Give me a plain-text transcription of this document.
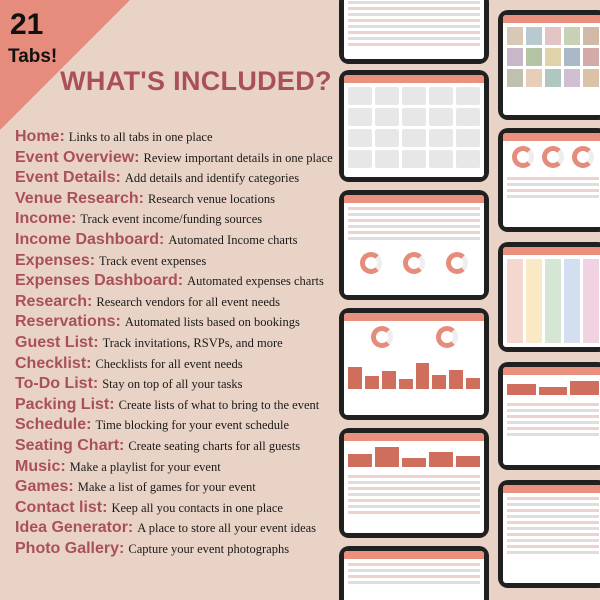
21
Tabs!
WHAT'S INCLUDED?
Home: Links to all tabs in one place
Event Overview: Review important details in one place
Event Details: Add details and identify categories
Venue Research: Research venue locations
Income: Track event income/funding sources
Income Dashboard: Automated Income charts
Expenses: Track event expenses
Expenses Dashboard: Automated expenses charts
Research: Research vendors for all event needs
Reservations: Automated lists based on bookings
Guest List: Track invitations, RSVPs, and more
Checklist: Checklists for all event needs
To-Do List: Stay on top of all your tasks
Packing List: Create lists of what to bring to the event
Schedule: Time blocking for your event schedule
Seating Chart: Create seating charts for all guests
Music: Make a playlist for your event
Games: Make a list of games for your event
Contact list: Keep all you contacts in one place
Idea Generator: A place to store all your event ideas
Photo Gallery: Capture your event photographs
